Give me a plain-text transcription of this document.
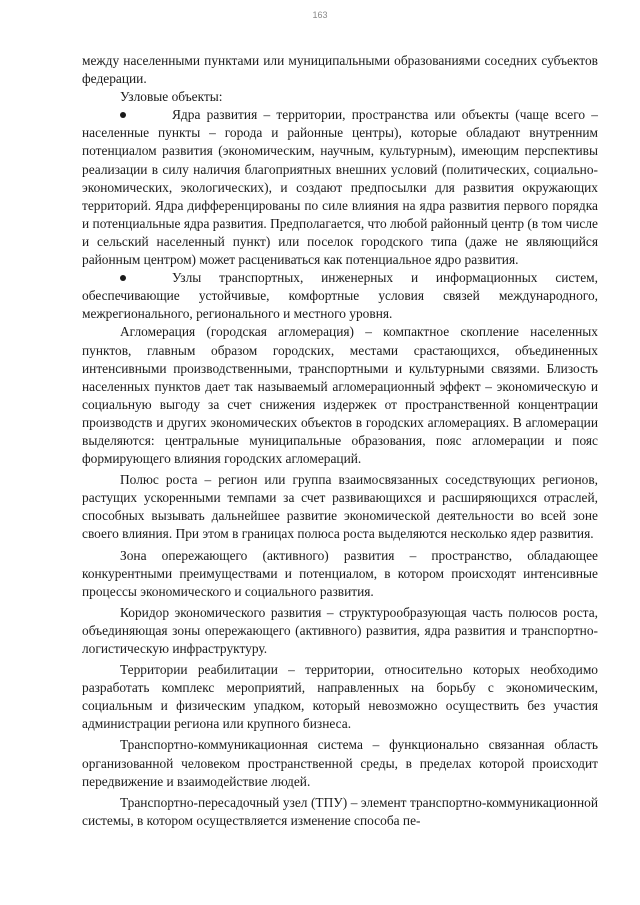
163

между населенными пунктами или муниципальными образованиями соседних субъектов федерации.

Узловые объекты:

Ядра развития – территории, пространства или объекты (чаще всего – населенные пункты – города и районные центры), которые обладают внутренним потенциалом развития (экономическим, научным, культурным), имеющим перспективы реализации в силу наличия благоприятных внешних условий (политических, социально-экономических, экологических), и создают предпосылки для развития окружающих территорий. Ядра дифференцированы по силе влияния на ядра развития первого порядка и потенциальные ядра развития. Предполагается, что любой районный центр (в том числе и сельский населенный пункт) или поселок городского типа (даже не являющийся районным центром) может расцениваться как потенциальное ядро развития.

Узлы транспортных, инженерных и информационных систем, обеспечивающие устойчивые, комфортные условия связей международного, межрегионального, регионального и местного уровня.

Агломерация (городская агломерация) – компактное скопление населенных пунктов, главным образом городских, местами срастающихся, объединенных интенсивными производственными, транспортными и культурными связями. Близость населенных пунктов дает так называемый агломерационный эффект – экономическую и социальную выгоду за счет снижения издержек от пространственной концентрации производств и других экономических объектов в городских агломерациях. В агломерации выделяются: центральные муниципальные образования, пояс агломерации и пояс формирующего влияния городских агломераций.

Полюс роста – регион или группа взаимосвязанных соседствующих регионов, растущих ускоренными темпами за счет развивающихся и расширяющихся отраслей, способных вызывать дальнейшее развитие экономической деятельности во всей зоне своего влияния. При этом в границах полюса роста выделяются несколько ядер развития.

Зона опережающего (активного) развития – пространство, обладающее конкурентными преимуществами и потенциалом, в котором происходят интенсивные процессы экономического и социального развития.

Коридор экономического развития – структурообразующая часть полюсов роста, объединяющая зоны опережающего (активного) развития, ядра развития и транспортно-логистическую инфраструктуру.

Территории реабилитации – территории, относительно которых необходимо разработать комплекс мероприятий, направленных на борьбу с экономическим, социальным и физическим упадком, который невозможно осуществить без участия администрации региона или крупного бизнеса.

Транспортно-коммуникационная система – функционально связанная область организованной человеком пространственной среды, в пределах которой происходит передвижение и взаимодействие людей.

Транспортно-пересадочный узел (ТПУ) – элемент транспортно-коммуникационной системы, в котором осуществляется изменение способа пе-
